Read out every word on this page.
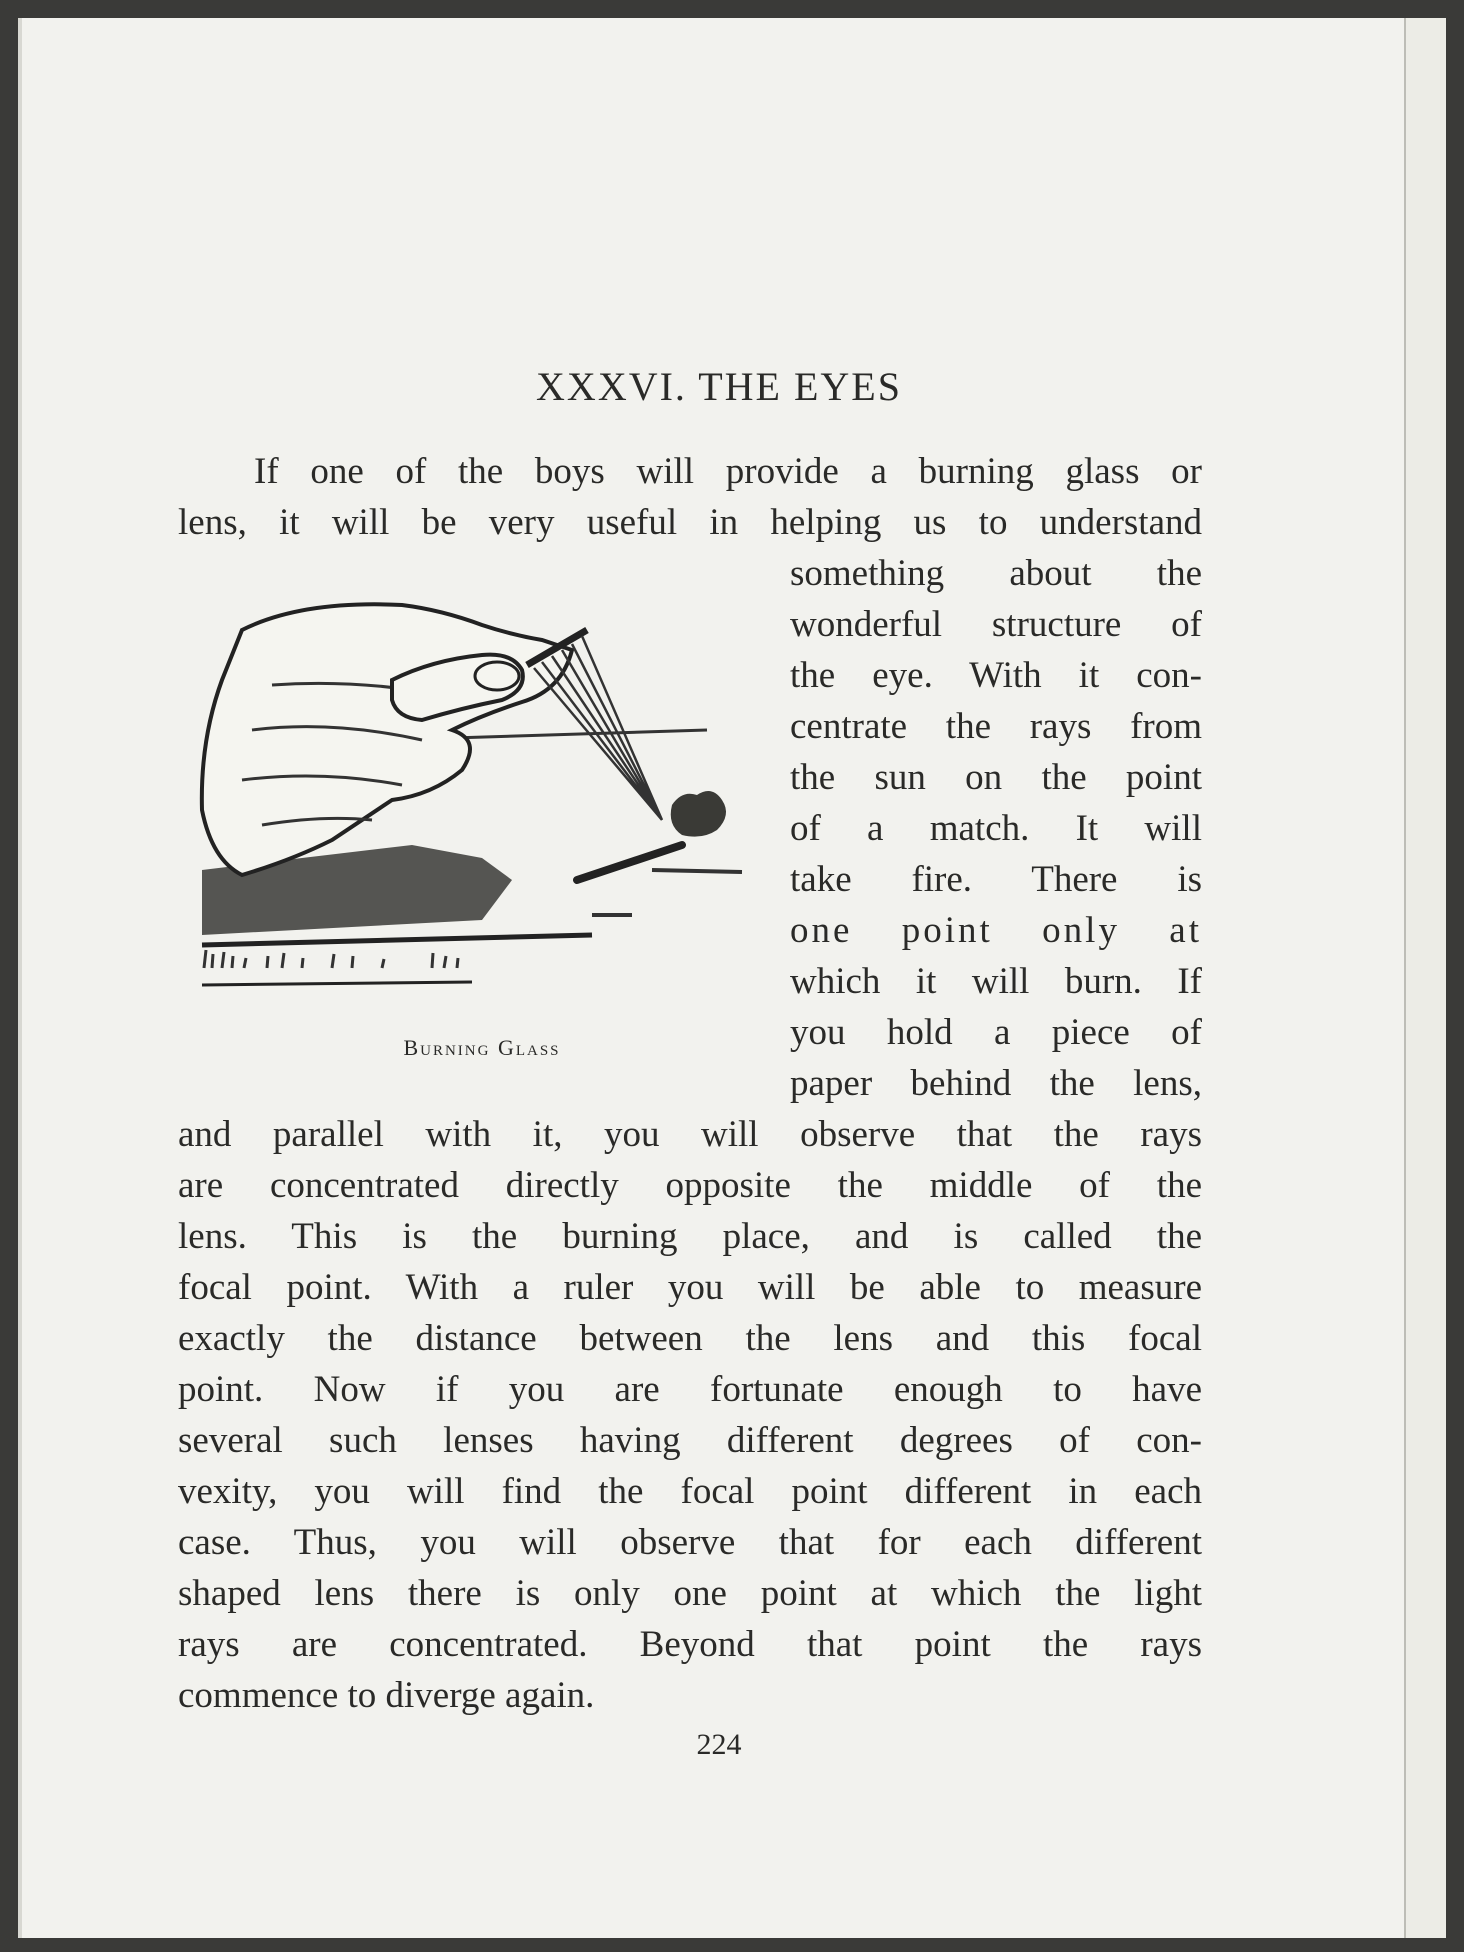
XXXVI. THE EYES
If one of the boys will provide a burning glass or
lens, it will be very useful in helping us to understand
something about the
wonderful structure of
the eye. With it con-
centrate the rays from
the sun on the point
of a match. It will
take fire. There is
one point only at
which it will burn. If
you hold a piece of
paper behind the lens,
and parallel with it, you will observe that the rays
are concentrated directly opposite the middle of the
lens. This is the burning place, and is called the
focal point. With a ruler you will be able to measure
exactly the distance between the lens and this focal
point. Now if you are fortunate enough to have
several such lenses having different degrees of con-
vexity, you will find the focal point different in each
case. Thus, you will observe that for each different
shaped lens there is only one point at which the light
rays are concentrated. Beyond that point the rays
commence to diverge again.
Burning Glass
224
